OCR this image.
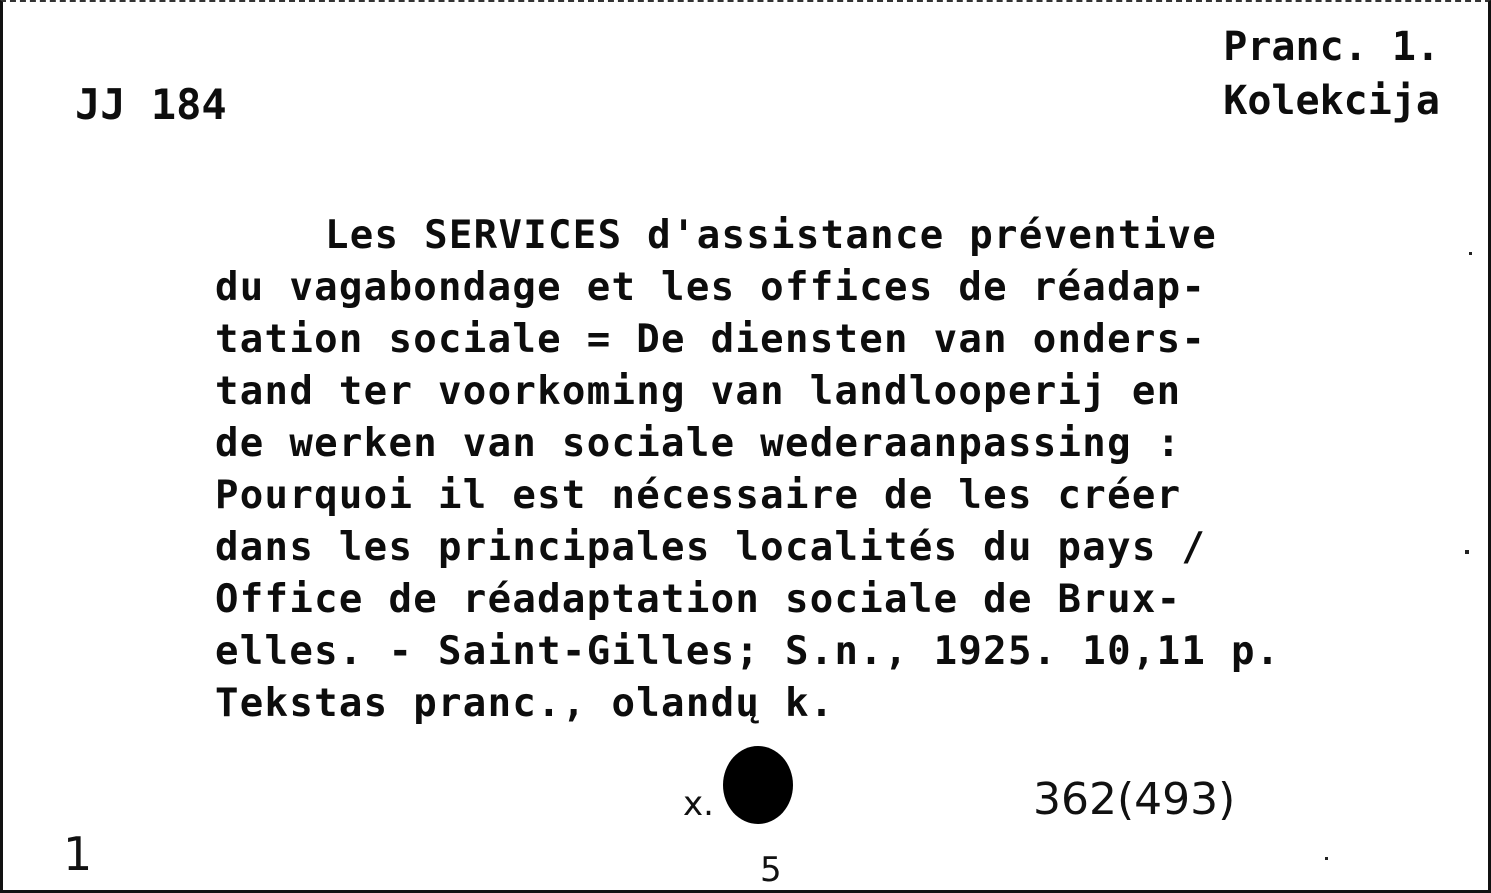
JJ 184
Pranc. 1.
Kolekcija
Les SERVICES d'assistance préventive
du vagabondage et les offices de réadap-
tation sociale = De diensten van onders-
tand ter voorkoming van landlooperij en
de werken van sociale wederaanpassing :
Pourquoi il est nécessaire de les créer
dans les principales localités du pays /
Office de réadaptation sociale de Brux-
elles. - Saint-Gilles; S.n., 1925. 10,11 p.
Tekstas pranc., olandų k.
x.
5
362(493)
1
